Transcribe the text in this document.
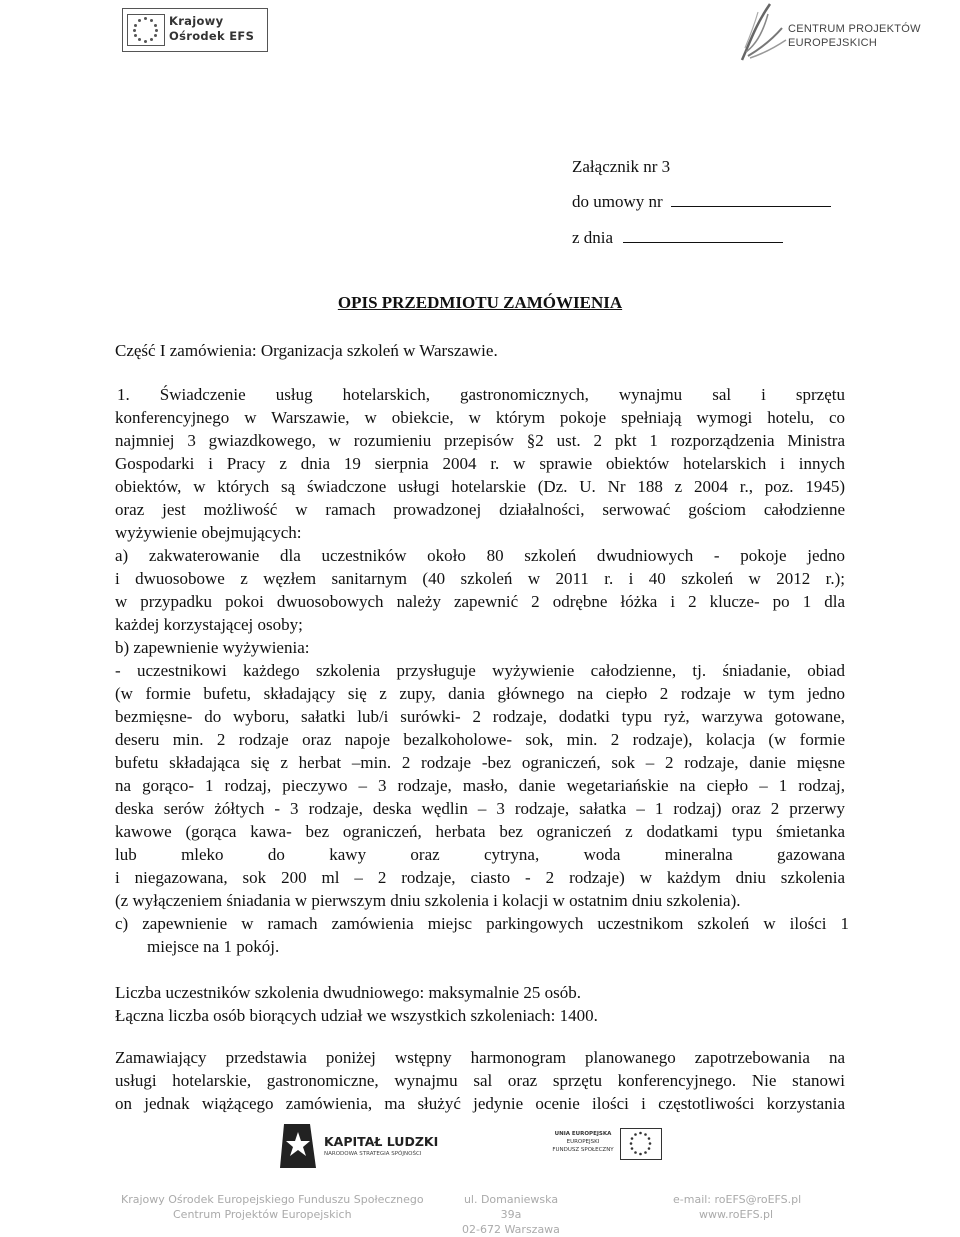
Krajowy
Ośrodek EFS	CENTRUM PROJEKTÓW
EUROPEJSKICH
Załącznik nr 3
do umowy nr
z dnia
OPIS PRZEDMIOTU ZAMÓWIENIA
Część I zamówienia: Organizacja szkoleń w Warszawie.
1. Świadczenie usług hotelarskich, gastronomicznych, wynajmu sal i sprzętu
konferencyjnego w Warszawie, w obiekcie, w którym pokoje spełniają wymogi hotelu, co
najmniej 3 gwiazdkowego, w rozumieniu przepisów §2 ust. 2 pkt 1 rozporządzenia Ministra
Gospodarki i Pracy z dnia 19 sierpnia 2004 r. w sprawie obiektów hotelarskich i innych
obiektów, w których są świadczone usługi hotelarskie (Dz. U. Nr 188 z 2004 r., poz. 1945)
oraz jest możliwość w ramach prowadzonej działalności, serwować gościom całodzienne
wyżywienie obejmujących:
a) zakwaterowanie dla uczestników około 80 szkoleń dwudniowych - pokoje jedno
i dwuosobowe z węzłem sanitarnym (40 szkoleń w 2011 r. i 40 szkoleń w 2012 r.);
w przypadku pokoi dwuosobowych należy zapewnić 2 odrębne łóżka i 2 klucze- po 1 dla
każdej korzystającej osoby;
b) zapewnienie wyżywienia:
- uczestnikowi każdego szkolenia przysługuje wyżywienie całodzienne, tj. śniadanie, obiad
(w formie bufetu, składający się z zupy, dania głównego na ciepło 2 rodzaje w tym jedno
bezmięsne- do wyboru, sałatki lub/i surówki- 2 rodzaje, dodatki typu ryż, warzywa gotowane,
deseru min. 2 rodzaje oraz napoje bezalkoholowe- sok, min. 2 rodzaje), kolacja (w formie
bufetu składająca się z herbat –min. 2 rodzaje -bez ograniczeń, sok – 2 rodzaje, danie mięsne
na gorąco- 1 rodzaj, pieczywo – 3 rodzaje, masło, danie wegetariańskie na ciepło – 1 rodzaj,
deska serów żółtych - 3 rodzaje, deska wędlin – 3 rodzaje, sałatka – 1 rodzaj) oraz 2 przerwy
kawowe (gorąca kawa- bez ograniczeń, herbata bez ograniczeń z dodatkami typu śmietanka
lub mleko do kawy oraz cytryna, woda mineralna gazowana
i niegazowana, sok 200 ml – 2 rodzaje, ciasto - 2 rodzaje) w każdym dniu szkolenia
(z wyłączeniem śniadania w pierwszym dniu szkolenia i kolacji w ostatnim dniu szkolenia).
c) zapewnienie w ramach zamówienia miejsc parkingowych uczestnikom szkoleń w ilości 1
miejsce na 1 pokój.
Liczba uczestników szkolenia dwudniowego: maksymalnie 25 osób.
Łączna liczba osób biorących udział we wszystkich szkoleniach: 1400.
Zamawiający przedstawia poniżej wstępny harmonogram planowanego zapotrzebowania na
usługi hotelarskie, gastronomiczne, wynajmu sal oraz sprzętu konferencyjnego. Nie stanowi
on jednak wiążącego zamówienia, ma służyć jedynie ocenie ilości i częstotliwości korzystania
KAPITAŁ LUDZKI
NARODOWA STRATEGIA SPÓJNOŚCI
UNIA EUROPEJSKA
EUROPEJSKI
FUNDUSZ SPOŁECZNY
Krajowy Ośrodek Europejskiego Funduszu Społecznego
Centrum Projektów Europejskich
ul. Domaniewska 39a
02-672 Warszawa
e-mail: roEFS@roEFS.pl
www.roEFS.pl
